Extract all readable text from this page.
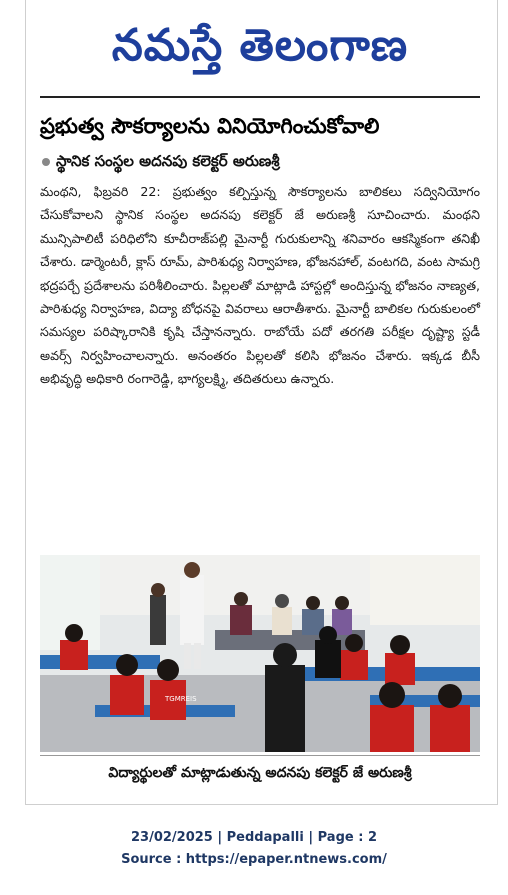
నమస్తే తెలంగాణ
ప్రభుత్వ సౌకర్యాలను వినియోగించుకోవాలి
స్థానిక సంస్థల అదనపు కలెక్టర్ అరుణశ్రీ
మంథని, ఫిబ్రవరి 22: ప్రభుత్వం కల్పిస్తున్న సౌకర్యాలను బాలికలు సద్వినియోగం చేసుకోవాలని స్థానిక సంస్థల అదనపు కలెక్టర్ జే అరుణశ్రీ సూచించారు. మంథని మున్సిపాలిటీ పరిధిలోని కూచీరాజ్‌పల్లి మైనార్టీ గురుకులాన్ని శనివారం ఆకస్మికంగా తనిఖీ చేశారు. డార్మెంటరీ, క్లాస్ రూమ్, పారిశుధ్య నిర్వాహణ, భోజనహాల్, వంటగది, వంట సామగ్రి భద్రపర్చే ప్రదేశాలను పరిశీలించారు. పిల్లలతో మాట్లాడి హాస్టల్లో అందిస్తున్న భోజనం నాణ్యత, పారిశుధ్య నిర్వాహణ, విద్యా బోధనపై వివరాలు ఆరాతీశారు. మైనార్టీ బాలికల గురుకులంలో సమస్యల పరిష్కారానికి కృషి చేస్తానన్నారు. రాబోయే పదో తరగతి పరీక్షల దృష్ట్యా స్టడీ అవర్స్ నిర్వహించాలన్నారు. అనంతరం పిల్లలతో కలిసి భోజనం చేశారు. ఇక్కడ బీసీ అభివృద్ధి అధికారి రంగారెడ్డి, భాగ్యలక్ష్మి, తదితరులు ఉన్నారు.
TGMREIS
విద్యార్థులతో మాట్లాడుతున్న అదనపు కలెక్టర్ జే అరుణశ్రీ
23/02/2025 | Peddapalli | Page : 2
Source : https://epaper.ntnews.com/
